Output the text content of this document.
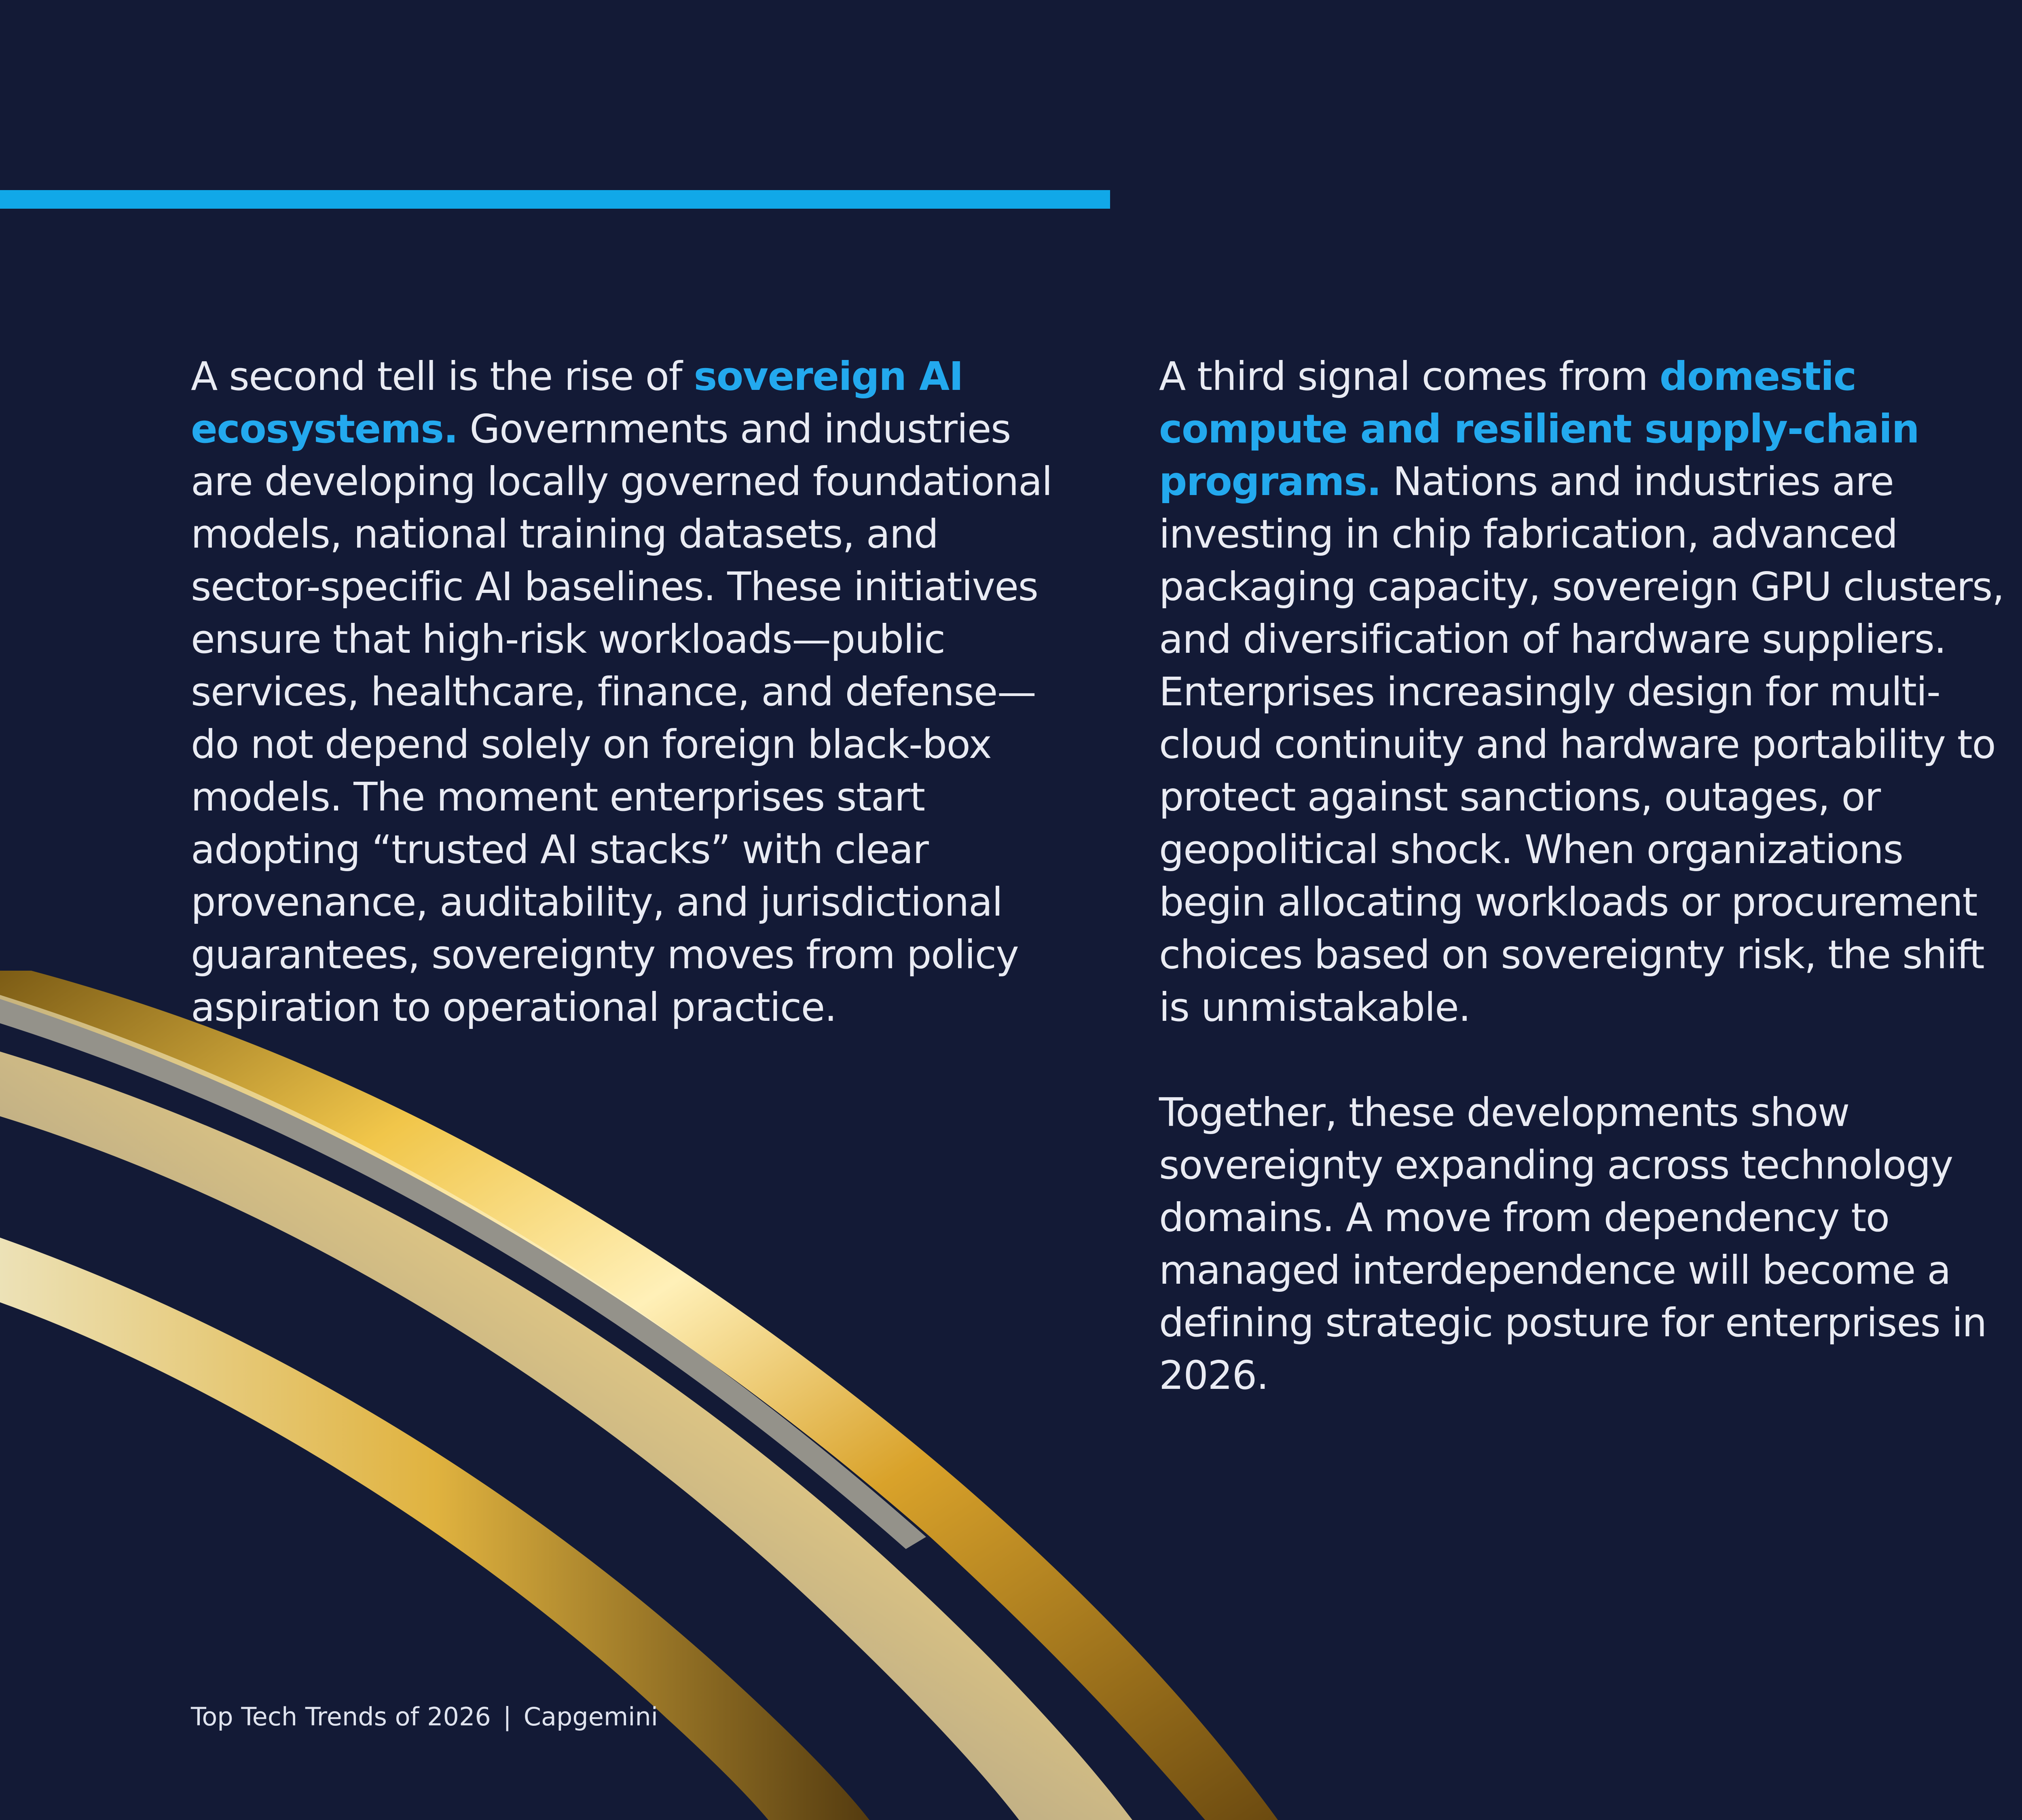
A second tell is the rise of sovereign AI ecosystems. Governments and industries are developing locally governed foundational models, national training datasets, and sector-specific AI baselines. These initiatives ensure that high-risk workloads—public services, healthcare, finance, and defense—do not depend solely on foreign black-box models. The moment enterprises start adopting “trusted AI stacks” with clear provenance, auditability, and jurisdictional guarantees, sovereignty moves from policy aspiration to operational practice.

A third signal comes from domestic compute and resilient supply-chain programs. Nations and industries are investing in chip fabrication, advanced packaging capacity, sovereign GPU clusters, and diversification of hardware suppliers. Enterprises increasingly design for multi-cloud continuity and hardware portability to protect against sanctions, outages, or geopolitical shock. When organizations begin allocating workloads or procurement choices based on sovereignty risk, the shift is unmistakable.

Together, these developments show sovereignty expanding across technology domains. A move from dependency to managed interdependence will become a defining strategic posture for enterprises in 2026.

Top Tech Trends of 2026 | Capgemini
